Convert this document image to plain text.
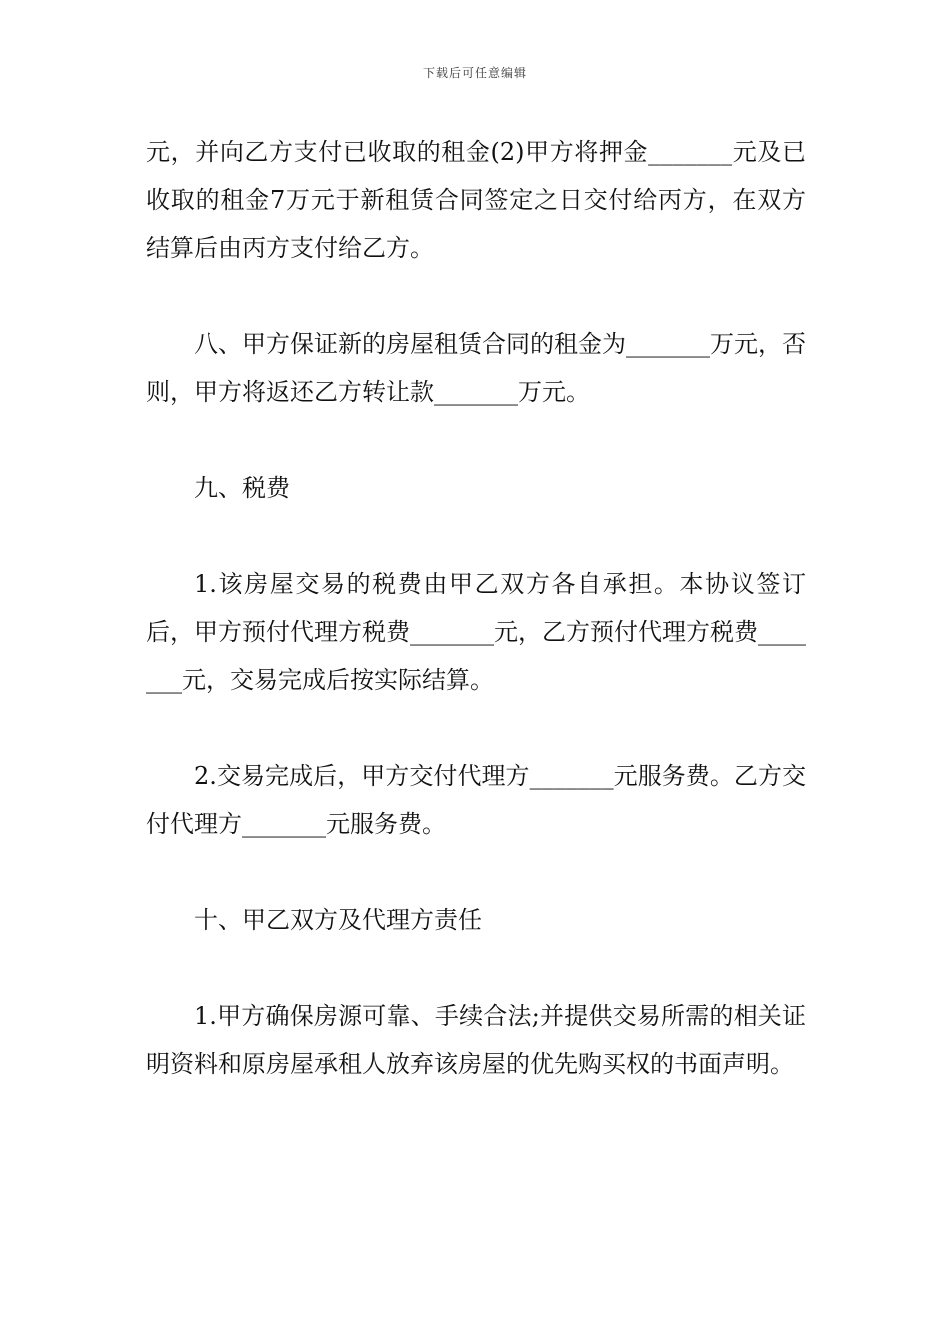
下载后可任意编辑

元，并向乙方支付已收取的租金(2)甲方将押金_______元及已收取的租金7万元于新租赁合同签定之日交付给丙方，在双方结算后由丙方支付给乙方。

八、甲方保证新的房屋租赁合同的租金为_______万元，否则，甲方将返还乙方转让款_______万元。

九、税费

1.该房屋交易的税费由甲乙双方各自承担。本协议签订后，甲方预付代理方税费_______元，乙方预付代理方税费_______元，交易完成后按实际结算。

2.交易完成后，甲方交付代理方_______元服务费。乙方交付代理方_______元服务费。

十、甲乙双方及代理方责任

1.甲方确保房源可靠、手续合法;并提供交易所需的相关证明资料和原房屋承租人放弃该房屋的优先购买权的书面声明。
